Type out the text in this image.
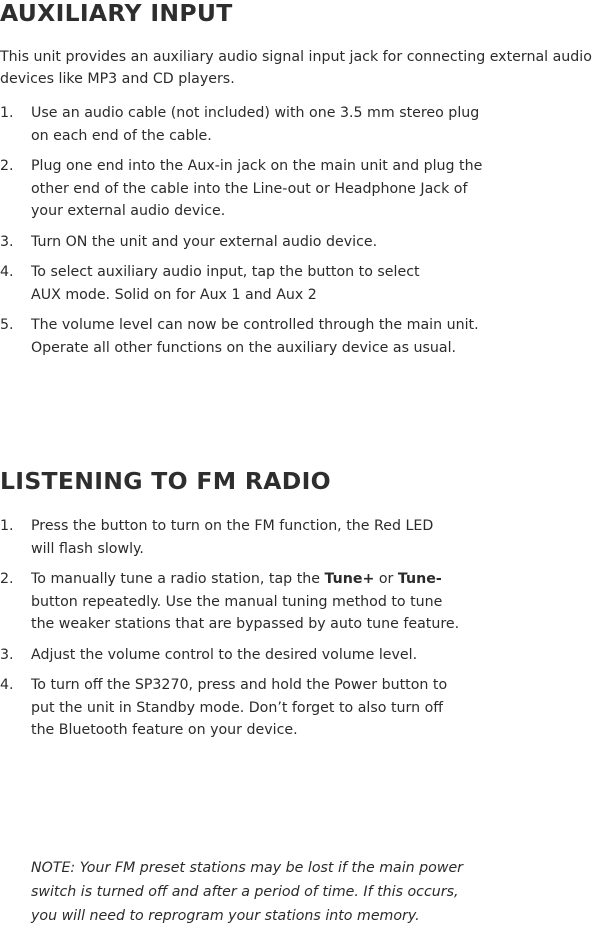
AUXILIARY INPUT

This unit provides an auxiliary audio signal input jack for connecting external audio devices like MP3 and CD players.

1. Use an audio cable (not included) with one 3.5 mm stereo plug
on each end of the cable.
2. Plug one end into the Aux-in jack on the main unit and plug the
other end of the cable into the Line-out or Headphone Jack of
your external audio device.
3. Turn ON the unit and your external audio device.
4. To select auxiliary audio input, tap the button to select
AUX mode. Solid on for Aux 1 and Aux 2
5. The volume level can now be controlled through the main unit.
Operate all other functions on the auxiliary device as usual.
LISTENING TO FM RADIO
1. Press the button to turn on the FM function, the Red LED
will flash slowly.
2. To manually tune a radio station, tap the Tune+ or Tune-
button repeatedly. Use the manual tuning method to tune
the weaker stations that are bypassed by auto tune feature.
3. Adjust the volume control to the desired volume level.
4. To turn off the SP3270, press and hold the Power button to
put the unit in Standby mode. Don’t forget to also turn off
the Bluetooth feature on your device.

NOTE: Your FM preset stations may be lost if the main power
switch is turned off and after a period of time. If this occurs,
you will need to reprogram your stations into memory.
